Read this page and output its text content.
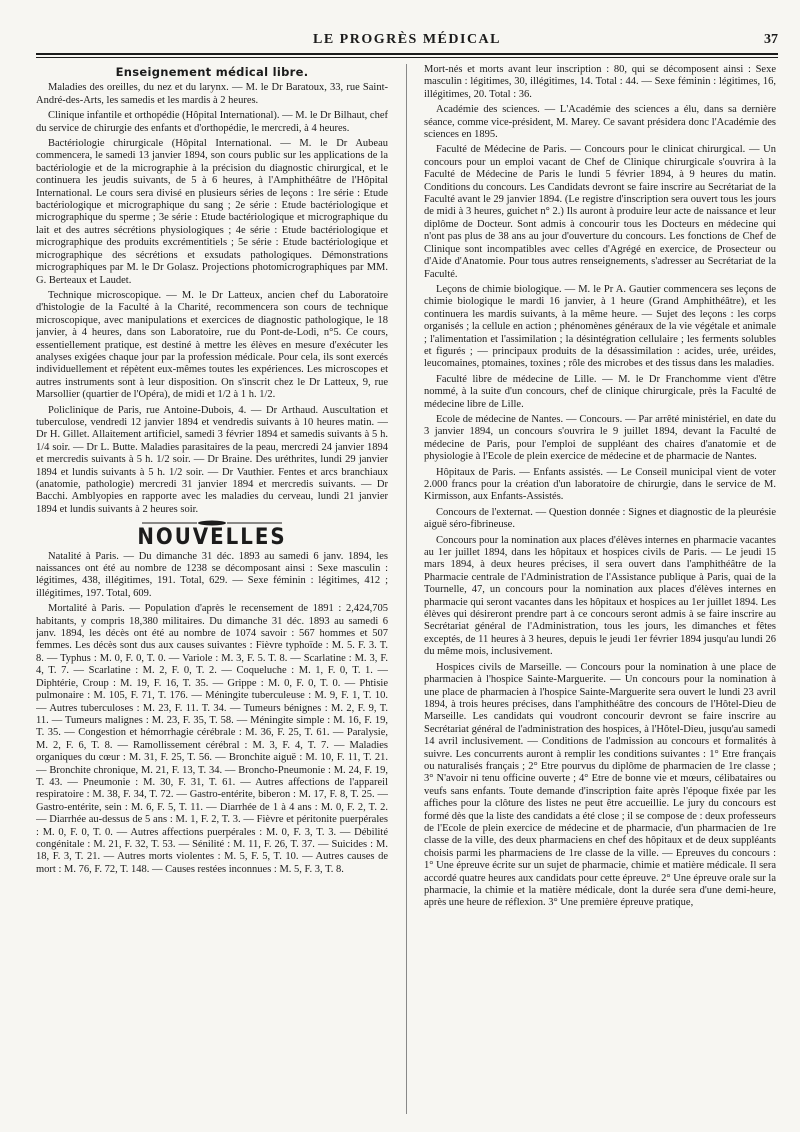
LE PROGRÈS MÉDICAL	37
Enseignement médical libre.

Maladies des oreilles, du nez et du larynx. — M. le Dr Baratoux, 33, rue Saint-André-des-Arts, les samedis et les mardis à 2 heures.

Clinique infantile et orthopédie (Hôpital International). — M. le Dr Bilhaut, chef du service de chirurgie des enfants et d'orthopédie, le mercredi, à 4 heures.

Bactériologie chirurgicale (Hôpital International. — M. le Dr Aubeau commencera, le samedi 13 janvier 1894, son cours public sur les applications de la bactériologie et de la micrographie à la précision du diagnostic chirurgical, et le continuera les jeudis suivants, de 5 à 6 heures, à l'Amphithéâtre de l'Hôpital International. Le cours sera divisé en plusieurs séries de leçons : 1re série : Etude bactériologique et micrographique du sang ; 2e série : Etude bactériologique et micrographique du sperme ; 3e série : Etude bactériologique et micrographique du lait et des autres sécrétions physiologiques ; 4e série : Etude bactériologique et micrographique des produits excrémentitiels ; 5e série : Etude bactériologique et micrographique des sécrétions et exsudats pathologiques. Démonstrations micrographiques par M. le Dr Golasz. Projections photomicrographiques par MM. G. Berteaux et Laudet.

Technique microscopique. — M. le Dr Latteux, ancien chef du Laboratoire d'histologie de la Faculté à la Charité, recommencera son cours de technique microscopique, avec manipulations et exercices de diagnostic pathologique, le 18 janvier, à 4 heures, dans son Laboratoire, rue du Pont-de-Lodi, n°5. Ce cours, essentiellement pratique, est destiné à mettre les élèves en mesure d'exécuter les analyses exigées chaque jour par la profession médicale. Pour cela, ils sont exercés individuellement et répètent eux-mêmes toutes les expériences. Les microscopes et autres instruments sont à leur disposition. On s'inscrit chez le Dr Latteux, 9, rue Marsollier (quartier de l'Opéra), de midi et 1/2 à 1 h. 1/2.

Policlinique de Paris, rue Antoine-Dubois, 4. — Dr Arthaud. Auscultation et tuberculose, vendredi 12 janvier 1894 et vendredis suivants à 10 heures matin. — Dr H. Gillet. Allaitement artificiel, samedi 3 février 1894 et samedis suivants à 5 h. 1/4 soir. — Dr L. Butte. Maladies parasitaires de la peau, mercredi 24 janvier 1894 et mercredis suivants à 5 h. 1/2 soir. — Dr Braine. Des uréthrites, lundi 29 janvier 1894 et lundis suivants à 5 h. 1/2 soir. — Dr Vauthier. Fentes et arcs branchiaux (anatomie, pathologie) mercredi 31 janvier 1894 et mercredis suivants. — Dr Bacchi. Amblyopies en rapporte avec les maladies du cerveau, lundi 21 janvier 1894 et lundis suivants à 2 heures soir.

NOUVELLES

Natalité à Paris. — Du dimanche 31 déc. 1893 au samedi 6 janv. 1894, les naissances ont été au nombre de 1238 se décomposant ainsi : Sexe masculin : légitimes, 438, illégitimes, 191. Total, 629. — Sexe féminin : légitimes, 412 ; illégitimes, 197. Total, 609.

Mortalité à Paris. — Population d'après le recensement de 1891 : 2,424,705 habitants, y compris 18,380 militaires. Du dimanche 31 déc. 1893 au samedi 6 janv. 1894, les décès ont été au nombre de 1074 savoir : 567 hommes et 507 femmes. Les décès sont dus aux causes suivantes : Fièvre typhoïde : M. 5. F. 3. T. 8. — Typhus : M. 0, F. 0, T. 0. — Variole : M. 3, F. 5. T. 8. — Scarlatine : M. 3, F. 4, T. 7. — Scarlatine : M. 2, F. 0, T. 2. — Coqueluche : M. 1, F. 0, T. 1. — Diphtérie, Croup : M. 19, F. 16, T. 35. — Grippe : M. 0, F. 0, T. 0. — Phtisie pulmonaire : M. 105, F. 71, T. 176. — Méningite tuberculeuse : M. 9, F. 1, T. 10. — Autres tuberculoses : M. 23, F. 11. T. 34. — Tumeurs bénignes : M. 2, F. 9, T. 11. — Tumeurs malignes : M. 23, F. 35, T. 58. — Méningite simple : M. 16, F. 19, T. 35. — Congestion et hémorrhagie cérébrale : M. 36, F. 25, T. 61. — Paralysie, M. 2, F. 6, T. 8. — Ramollissement cérébral : M. 3, F. 4, T. 7. — Maladies organiques du cœur : M. 31, F. 25, T. 56. — Bronchite aiguë : M. 10, F. 11, T. 21. — Bronchite chronique, M. 21, F. 13, T. 34. — Broncho-Pneumonie : M. 24, F. 19, T. 43. — Pneumonie : M. 30, F. 31, T. 61. — Autres affections de l'appareil respiratoire : M. 38, F. 34, T. 72. — Gastro-entérite, biberon : M. 17, F. 8, T. 25. — Gastro-entérite, sein : M. 6, F. 5, T. 11. — Diarrhée de 1 à 4 ans : M. 0, F. 2, T. 2. — Diarrhée au-dessus de 5 ans : M. 1, F. 2, T. 3. — Fièvre et péritonite puerpérales : M. 0, F. 0, T. 0. — Autres affections puerpérales : M. 0, F. 3, T. 3. — Débilité congénitale : M. 21, F. 32, T. 53. — Sénilité : M. 11, F. 26, T. 37. — Suicides : M. 18, F. 3, T. 21. — Autres morts violentes : M. 5, F. 5, T. 10. — Autres causes de mort : M. 76, F. 72, T. 148. — Causes restées inconnues : M. 5, F. 3, T. 8.

Mort-nés et morts avant leur inscription : 80, qui se décomposent ainsi : Sexe masculin : légitimes, 30, illégitimes, 14. Total : 44. — Sexe féminin : légitimes, 16, illégitimes, 20. Total : 36.

Académie des sciences. — L'Académie des sciences a élu, dans sa dernière séance, comme vice-président, M. Marey. Ce savant présidera donc l'Académie des sciences en 1895.

Faculté de Médecine de Paris. — Concours pour le clinicat chirurgical. — Un concours pour un emploi vacant de Chef de Clinique chirurgicale s'ouvrira à la Faculté de Médecine de Paris le lundi 5 février 1894, à 9 heures du matin. Conditions du concours. Les Candidats devront se faire inscrire au Secrétariat de la Faculté avant le 29 janvier 1894. (Le registre d'inscription sera ouvert tous les jours de midi à 3 heures, guichet n° 2.) Ils auront à produire leur acte de naissance et leur diplôme de Docteur. Sont admis à concourir tous les Docteurs en médecine qui n'ont pas plus de 38 ans au jour d'ouverture du concours. Les fonctions de Chef de Clinique sont incompatibles avec celles d'Agrégé en exercice, de Prosecteur ou d'Aide d'Anatomie. Pour tous autres renseignements, s'adresser au Secrétariat de la Faculté.

Leçons de chimie biologique. — M. le Pr A. Gautier commencera ses leçons de chimie biologique le mardi 16 janvier, à 1 heure (Grand Amphithéâtre), et les continuera les mardis suivants, à la même heure. — Sujet des leçons : les corps organisés ; la cellule en action ; phénomènes généraux de la vie végétale et animale ; l'alimentation et l'assimilation ; la désintégration cellulaire ; les ferments solubles et figurés ; — principaux produits de la désassimilation : acides, urée, uréides, leucomaines, ptomaines, toxines ; rôle des microbes et des tissus dans les maladies.

Faculté libre de médecine de Lille. — M. le Dr Franchomme vient d'être nommé, à la suite d'un concours, chef de clinique chirurgicale, près la Faculté de médecine libre de Lille.

Ecole de médecine de Nantes. — Concours. — Par arrêté ministériel, en date du 3 janvier 1894, un concours s'ouvrira le 9 juillet 1894, devant la Faculté de médecine de Paris, pour l'emploi de suppléant des chaires d'anatomie et de physiologie à l'Ecole de plein exercice de médecine et de pharmacie de Nantes.

Hôpitaux de Paris. — Enfants assistés. — Le Conseil municipal vient de voter 2.000 francs pour la création d'un laboratoire de chirurgie, dans le service de M. Kirmisson, aux Enfants-Assistés.

Concours de l'externat. — Question donnée : Signes et diagnostic de la pleurésie aiguë séro-fibrineuse.

Concours pour la nomination aux places d'élèves internes en pharmacie vacantes au 1er juillet 1894, dans les hôpitaux et hospices civils de Paris. — Le jeudi 15 mars 1894, à deux heures précises, il sera ouvert dans l'amphithéâtre de la Pharmacie centrale de l'Administration de l'Assistance publique à Paris, quai de la Tournelle, 47, un concours pour la nomination aux places d'élèves internes en pharmacie qui seront vacantes dans les hôpitaux et hospices au 1er juillet 1894. Les élèves qui désireront prendre part à ce concours seront admis à se faire inscrire au Secrétariat général de l'Administration, tous les jours, les dimanches et fêtes exceptés, de 11 heures à 3 heures, depuis le jeudi 1er février 1894 jusqu'au lundi 26 du même mois, inclusivement.

Hospices civils de Marseille. — Concours pour la nomination à une place de pharmacien à l'hospice Sainte-Marguerite. — Un concours pour la nomination à une place de pharmacien à l'hospice Sainte-Marguerite sera ouvert le lundi 23 avril 1894, à trois heures précises, dans l'amphithéâtre des concours de l'Hôtel-Dieu de Marseille. Les candidats qui voudront concourir devront se faire inscrire au Secrétariat général de l'administration des hospices, à l'Hôtel-Dieu, jusqu'au samedi 14 avril inclusivement. — Conditions de l'admission au concours et formalités à suivre. Les concurrents auront à remplir les conditions suivantes : 1° Etre français ou naturalisés français ; 2° Etre pourvus du diplôme de pharmacien de 1re classe ; 3° N'avoir ni tenu officine ouverte ; 4° Etre de bonne vie et mœurs, célibataires ou veufs sans enfants. Toute demande d'inscription faite après l'époque fixée par les affiches pour la clôture des listes ne peut être accueillie. Le jury du concours est formé dès que la liste des candidats a été close ; il se compose de : deux professeurs de l'Ecole de plein exercice de médecine et de pharmacie, d'un pharmacien de 1re classe de la ville, des deux pharmaciens en chef des hôpitaux et de deux suppléants choisis parmi les pharmaciens de 1re classe de la ville. — Epreuves du concours : 1° Une épreuve écrite sur un sujet de pharmacie, chimie et matière médicale. Il sera accordé quatre heures aux candidats pour cette épreuve. 2° Une épreuve orale sur la pharmacie, la chimie et la matière médicale, dont la durée sera d'une demi-heure, après une heure de réflexion. 3° Une première épreuve pratique,
